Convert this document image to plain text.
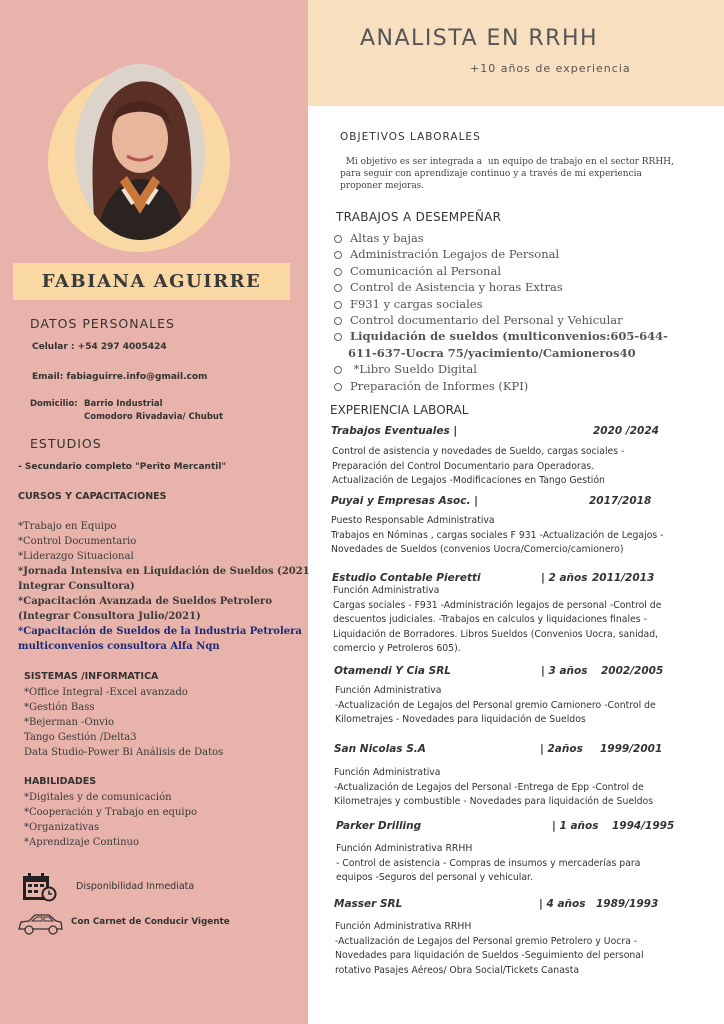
FABIANA AGUIRRE
DATOS PERSONALES
Celular : +54 297 4005424
Email: fabiaguirre.info@gmail.com
Domicilio: Barrio Industrial
Comodoro Rivadavia/ Chubut
ESTUDIOS
- Secundario completo "Perito Mercantil"
CURSOS Y CAPACITACIONES
*Trabajo en Equipo
*Control Documentario
*Liderazgo Situacional
*Jornada Intensiva en Liquidación de Sueldos (2021
Integrar Consultora)
*Capacitación Avanzada de Sueldos Petrolero
(Integrar Consultora Julio/2021)
*Capacitación de Sueldos de la Industria Petrolera
multiconvenios consultora Alfa Nqn
SISTEMAS /INFORMATICA
*Office Integral -Excel avanzado
*Gestión Bass
*Bejerman -Onvio
Tango Gestión /Delta3
Data Studio-Power Bi Análisis de Datos
HABILIDADES
*Digitales y de comunicación
*Cooperación y Trabajo en equipo
*Organizativas
*Aprendizaje Continuo
Disponibilidad Inmediata
Con Carnet de Conducir Vigente
ANALISTA EN RRHH
+10 años de experiencia
OBJETIVOS LABORALES
Mi objetivo es ser integrada a  un equipo de trabajo en el sector RRHH,
para seguir con aprendizaje continuo y a través de mi experiencia
proponer mejoras.
TRABAJOS A DESEMPEÑAR
Altas y bajas
Administración Legajos de Personal
Comunicación al Personal
Control de Asistencia y horas Extras
F931 y cargas sociales
Control documentario del Personal y Vehicular
Liquidación de sueldos (multiconvenios:605-644-
611-637-Uocra 75/yacimiento/Camioneros40
*Libro Sueldo Digital
Preparación de Informes (KPI)
EXPERIENCIA LABORAL
Trabajos Eventuales |	2020 /2024
Control de asistencia y novedades de Sueldo, cargas sociales -
Preparación del Control Documentario para Operadoras.
Actualización de Legajos -Modificaciones en Tango Gestión
Puyai y Empresas Asoc. |	2017/2018
Puesto Responsable Administrativa
Trabajos en Nóminas , cargas sociales F 931 -Actualización de Legajos -
Novedades de Sueldos (convenios Uocra/Comercio/camionero)
Estudio Contable Pieretti	| 2 años 2011/2013
Función Administrativa
Cargas sociales - F931 -Administración legajos de personal -Control de
descuentos judiciales. -Trabajos en calculos y liquidaciones finales -
Liquidación de Borradores. Libros Sueldos (Convenios Uocra, sanidad,
comercio y Petroleros 605).
Otamendi Y Cia SRL	| 3 años 2002/2005
Función Administrativa
-Actualización de Legajos del Personal gremio Camionero -Control de
Kilometrajes - Novedades para liquidación de Sueldos
San Nicolas S.A	| 2años 1999/2001
Función Administrativa
-Actualización de Legajos del Personal -Entrega de Epp -Control de
Kilometrajes y combustible - Novedades para liquidación de Sueldos
Parker Drilling	| 1 años 1994/1995
Función Administrativa RRHH
- Control de asistencia - Compras de insumos y mercaderías para
equipos -Seguros del personal y vehicular.
Masser SRL	| 4 años 1989/1993
Función Administrativa RRHH
-Actualización de Legajos del Personal gremio Petrolero y Uocra -
Novedades para liquidación de Sueldos -Seguimiento del personal
rotativo Pasajes Aéreos/ Obra Social/Tickets Canasta
